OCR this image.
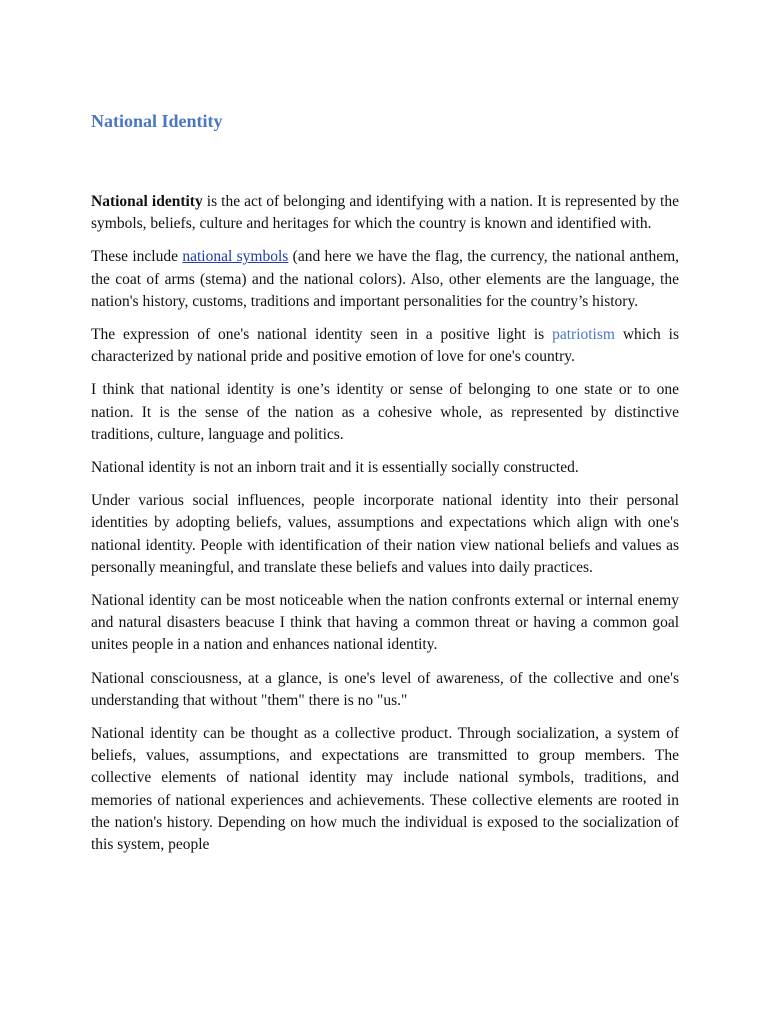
National Identity

National identity is the act of belonging and identifying with a nation. It is represented by the symbols, beliefs, culture and heritages for which the country is known and identified with.

These include national symbols (and here we have the flag, the currency, the national anthem, the coat of arms (stema) and the national colors). Also, other elements are the language, the nation's history, customs, traditions and important personalities for the country’s history.

The expression of one's national identity seen in a positive light is patriotism which is characterized by national pride and positive emotion of love for one's country.

I think that national identity is one’s identity or sense of belonging to one state or to one nation. It is the sense of the nation as a cohesive whole, as represented by distinctive traditions, culture, language and politics.

National identity is not an inborn trait and it is essentially socially constructed.

Under various social influences, people incorporate national identity into their personal identities by adopting beliefs, values, assumptions and expectations which align with one's national identity. People with identification of their nation view national beliefs and values as personally meaningful, and translate these beliefs and values into daily practices.

National identity can be most noticeable when the nation confronts external or internal enemy and natural disasters beacuse I think that having a common threat or having a common goal unites people in a nation and enhances national identity.

National consciousness, at a glance, is one's level of awareness, of the collective and one's understanding that without "them" there is no "us."

National identity can be thought as a collective product. Through socialization, a system of beliefs, values, assumptions, and expectations are transmitted to group members. The collective elements of national identity may include national symbols, traditions, and memories of national experiences and achievements. These collective elements are rooted in the nation's history. Depending on how much the individual is exposed to the socialization of this system, people
